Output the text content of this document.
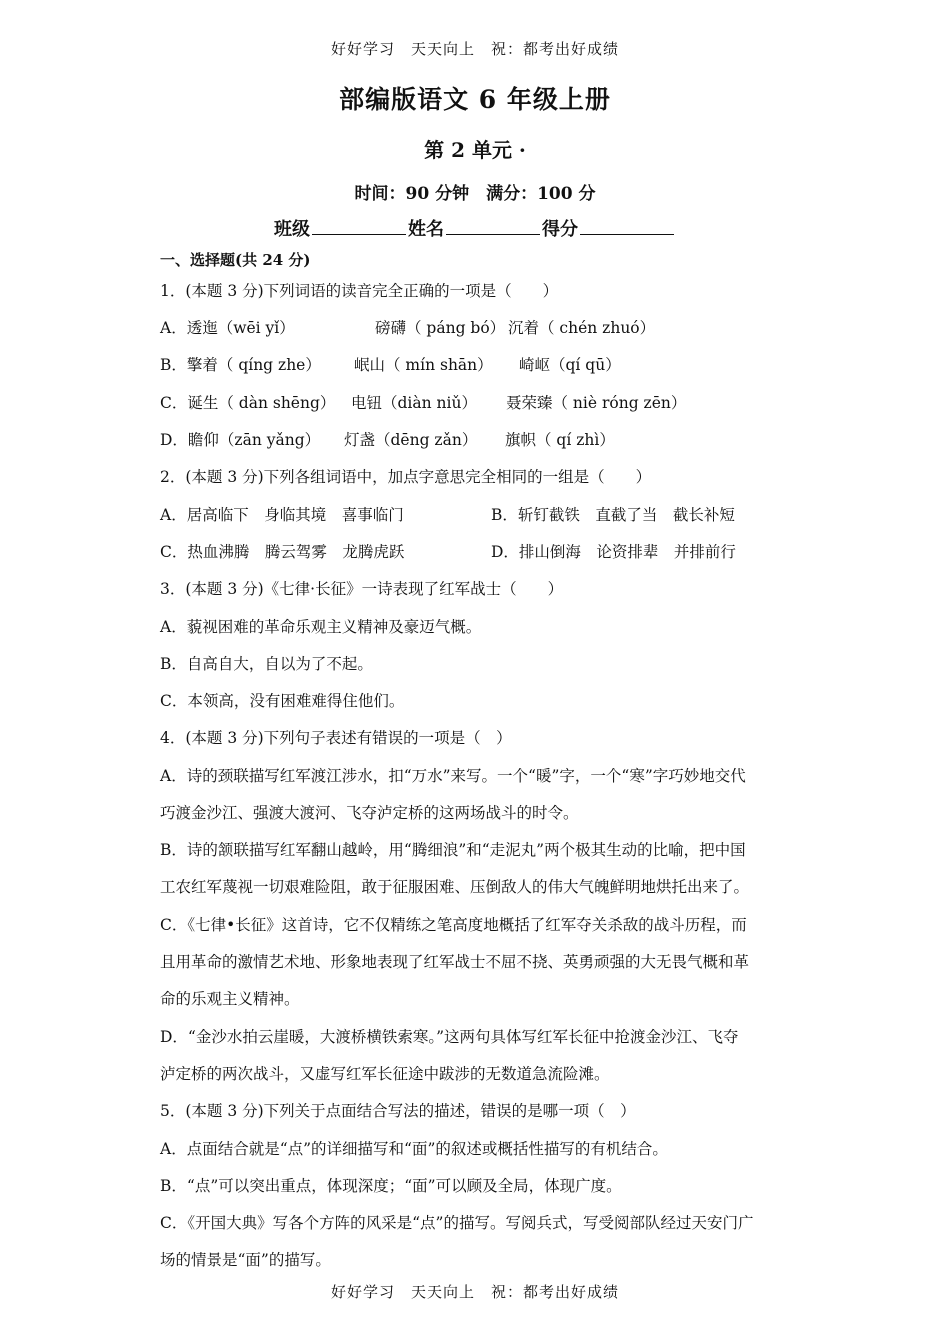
好好学习　天天向上　祝：都考出好成绩
部编版语文 6 年级上册
第 2 单元 ·
时间：90 分钟　满分：100 分
班级	姓名	得分
一、选择题(共 24 分)
1．(本题 3 分)下列词语的读音完全正确的一项是（　　）
A．透迤（wēi yǐ）	磅礴（ páng bó） 沉着（ chén zhuó）
B．擎着（ qíng zhe） 岷山（ mín shān） 崎岖（qí qū）
C．诞生（ dàn shēng） 电钮（diàn niǔ） 聂荣臻（ niè róng zēn）
D．瞻仰（zān yǎng） 灯盏（dēng zǎn） 旗帜（ qí zhì）
2．(本题 3 分)下列各组词语中，加点字意思完全相同的一组是（　　）
A．居高临下　身临其境　喜事临门	B．斩钉截铁　直截了当　截长补短
C．热血沸腾　腾云驾雾　龙腾虎跃	D．排山倒海　论资排辈　并排前行
3．(本题 3 分)《七律·长征》一诗表现了红军战士（　　）
A．藐视困难的革命乐观主义精神及豪迈气概。
B．自高自大，自以为了不起。
C．本领高，没有困难难得住他们。
4．(本题 3 分)下列句子表述有错误的一项是（　）
A．诗的颈联描写红军渡江涉水，扣“万水”来写。一个“暖”字，一个“寒”字巧妙地交代
巧渡金沙江、强渡大渡河、飞夺泸定桥的这两场战斗的时令。
B．诗的颔联描写红军翻山越岭，用“腾细浪”和“走泥丸”两个极其生动的比喻，把中国
工农红军蔑视一切艰难险阻，敢于征服困难、压倒敌人的伟大气魄鲜明地烘托出来了。
C．《七律•长征》这首诗，它不仅精练之笔高度地概括了红军夺关杀敌的战斗历程，而
且用革命的激情艺术地、形象地表现了红军战士不屈不挠、英勇顽强的大无畏气概和革
命的乐观主义精神。
D．“金沙水拍云崖暖，大渡桥横铁索寒。”这两句具体写红军长征中抢渡金沙江、飞夺
泸定桥的两次战斗，又虚写红军长征途中跋涉的无数道急流险滩。
5．(本题 3 分)下列关于点面结合写法的描述，错误的是哪一项（　）
A．点面结合就是“点”的详细描写和“面”的叙述或概括性描写的有机结合。
B．“点”可以突出重点，体现深度；“面”可以顾及全局，体现广度。
C．《开国大典》写各个方阵的风采是“点”的描写。写阅兵式，写受阅部队经过天安门广
场的情景是“面”的描写。
好好学习　天天向上　祝：都考出好成绩
